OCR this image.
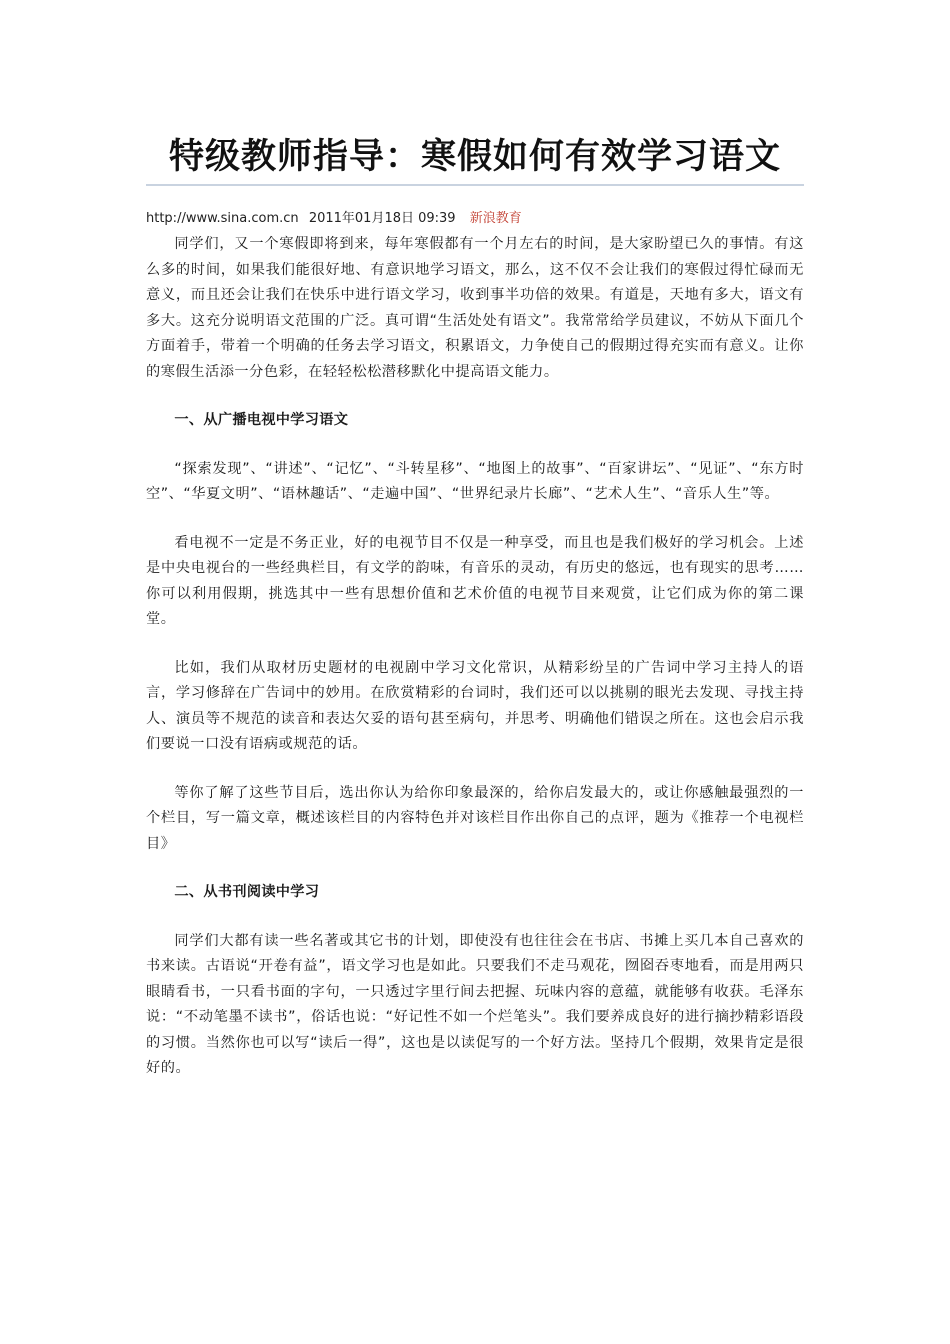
特级教师指导：寒假如何有效学习语文
http://www.sina.com.cn 2011年01月18日 09:39 新浪教育

同学们，又一个寒假即将到来，每年寒假都有一个月左右的时间，是大家盼望已久的事情。有这么多的时间，如果我们能很好地、有意识地学习语文，那么，这不仅不会让我们的寒假过得忙碌而无意义，而且还会让我们在快乐中进行语文学习，收到事半功倍的效果。有道是，天地有多大，语文有多大。这充分说明语文范围的广泛。真可谓“生活处处有语文”。我常常给学员建议，不妨从下面几个方面着手，带着一个明确的任务去学习语文，积累语文，力争使自己的假期过得充实而有意义。让你的寒假生活添一分色彩，在轻轻松松潜移默化中提高语文能力。

一、从广播电视中学习语文

“探索发现”、“讲述”、“记忆”、“斗转星移”、“地图上的故事”、“百家讲坛”、“见证”、“东方时空”、“华夏文明”、“语林趣话”、“走遍中国”、“世界纪录片长廊”、“艺术人生”、“音乐人生”等。

看电视不一定是不务正业，好的电视节目不仅是一种享受，而且也是我们极好的学习机会。上述是中央电视台的一些经典栏目，有文学的韵味，有音乐的灵动，有历史的悠远，也有现实的思考……你可以利用假期，挑选其中一些有思想价值和艺术价值的电视节目来观赏，让它们成为你的第二课堂。

比如，我们从取材历史题材的电视剧中学习文化常识，从精彩纷呈的广告词中学习主持人的语言，学习修辞在广告词中的妙用。在欣赏精彩的台词时，我们还可以以挑剔的眼光去发现、寻找主持人、演员等不规范的读音和表达欠妥的语句甚至病句，并思考、明确他们错误之所在。这也会启示我们要说一口没有语病或规范的话。

等你了解了这些节目后，选出你认为给你印象最深的，给你启发最大的，或让你感触最强烈的一个栏目，写一篇文章，概述该栏目的内容特色并对该栏目作出你自己的点评，题为《推荐一个电视栏目》

二、从书刊阅读中学习

同学们大都有读一些名著或其它书的计划，即使没有也往往会在书店、书摊上买几本自己喜欢的书来读。古语说“开卷有益”，语文学习也是如此。只要我们不走马观花，囫囵吞枣地看，而是用两只眼睛看书，一只看书面的字句，一只透过字里行间去把握、玩味内容的意蕴，就能够有收获。毛泽东说：“不动笔墨不读书”，俗话也说：“好记性不如一个烂笔头”。我们要养成良好的进行摘抄精彩语段的习惯。当然你也可以写“读后一得”，这也是以读促写的一个好方法。坚持几个假期，效果肯定是很好的。
